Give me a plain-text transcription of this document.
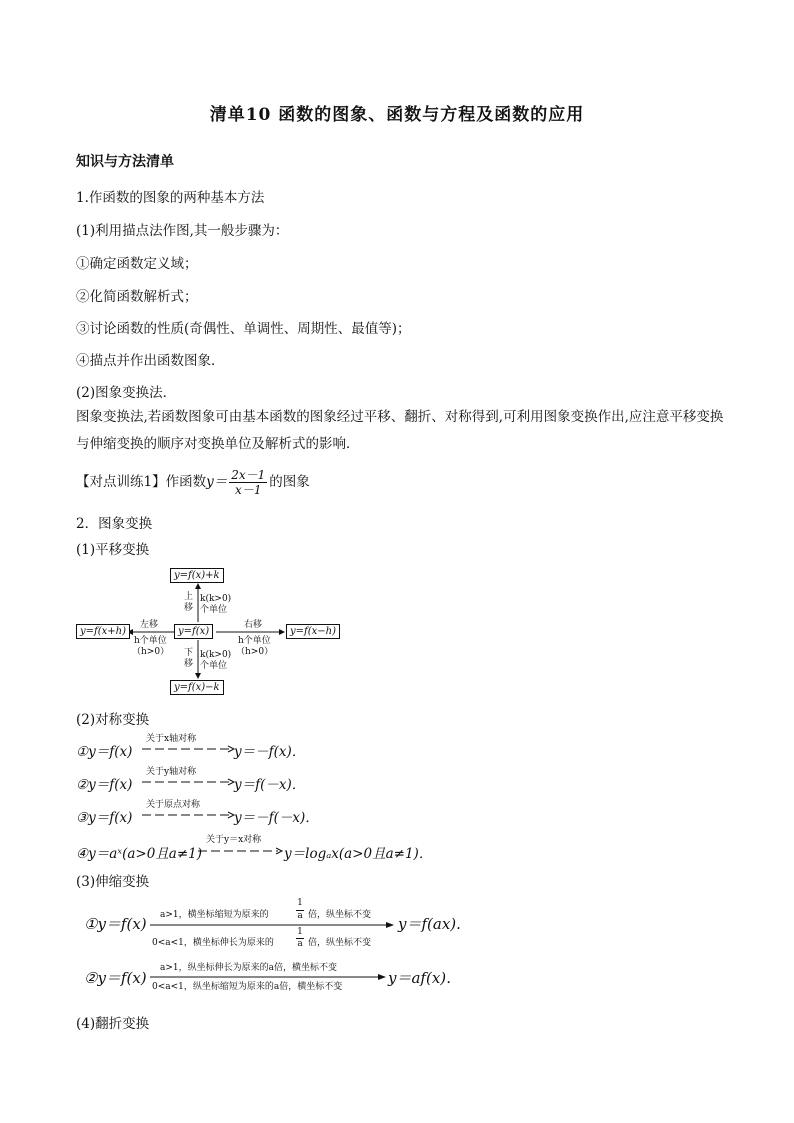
清单10 函数的图象、函数与方程及函数的应用
知识与方法清单
1.作函数的图象的两种基本方法
(1)利用描点法作图,其一般步骤为：
①确定函数定义域；
②化简函数解析式；
③讨论函数的性质(奇偶性、单调性、周期性、最值等)；
④描点并作出函数图象．
(2)图象变换法．
图象变换法,若函数图象可由基本函数的图象经过平移、翻折、对称得到,可利用图象变换作出,应注意平移变换与伸缩变换的顺序对变换单位及解析式的影响．
【对点训练1】作函数$y= \frac{2x-1}{x-1}$ 的图象
2．图象变换
(1)平移变换
y=f(x)+k
y=f(x)
y=f(x)−k
y=f(x+h)	y=f(x−h)
上移
k(k>0)
个单位
下移
k(k>0)
个单位
左移
h个单位
（h>0）
右移
h个单位
（h>0）
(2)对称变换
①y＝f(x)
关于x轴对称
y＝－f(x)．
②y＝f(x)
关于y轴对称
y＝f(－x)．
③y＝f(x)
关于原点对称
y＝－f(－x)．
④y＝aˣ(a>0且a≠1)
关于y＝x对称
y＝logₐx(a>0且a≠1)．
(3)伸缩变换
①y＝f(x) a>1，横坐标缩短为原来的
1
a 倍，纵坐标不变
0<a<1，横坐标伸长为原来的
1
a 倍，纵坐标不变
y＝f(ax).
②y＝f(x)
a>1，纵坐标伸长为原来的a倍，横坐标不变
0<a<1，纵坐标缩短为原来的a倍，横坐标不变	y＝af(x)．
(4)翻折变换
